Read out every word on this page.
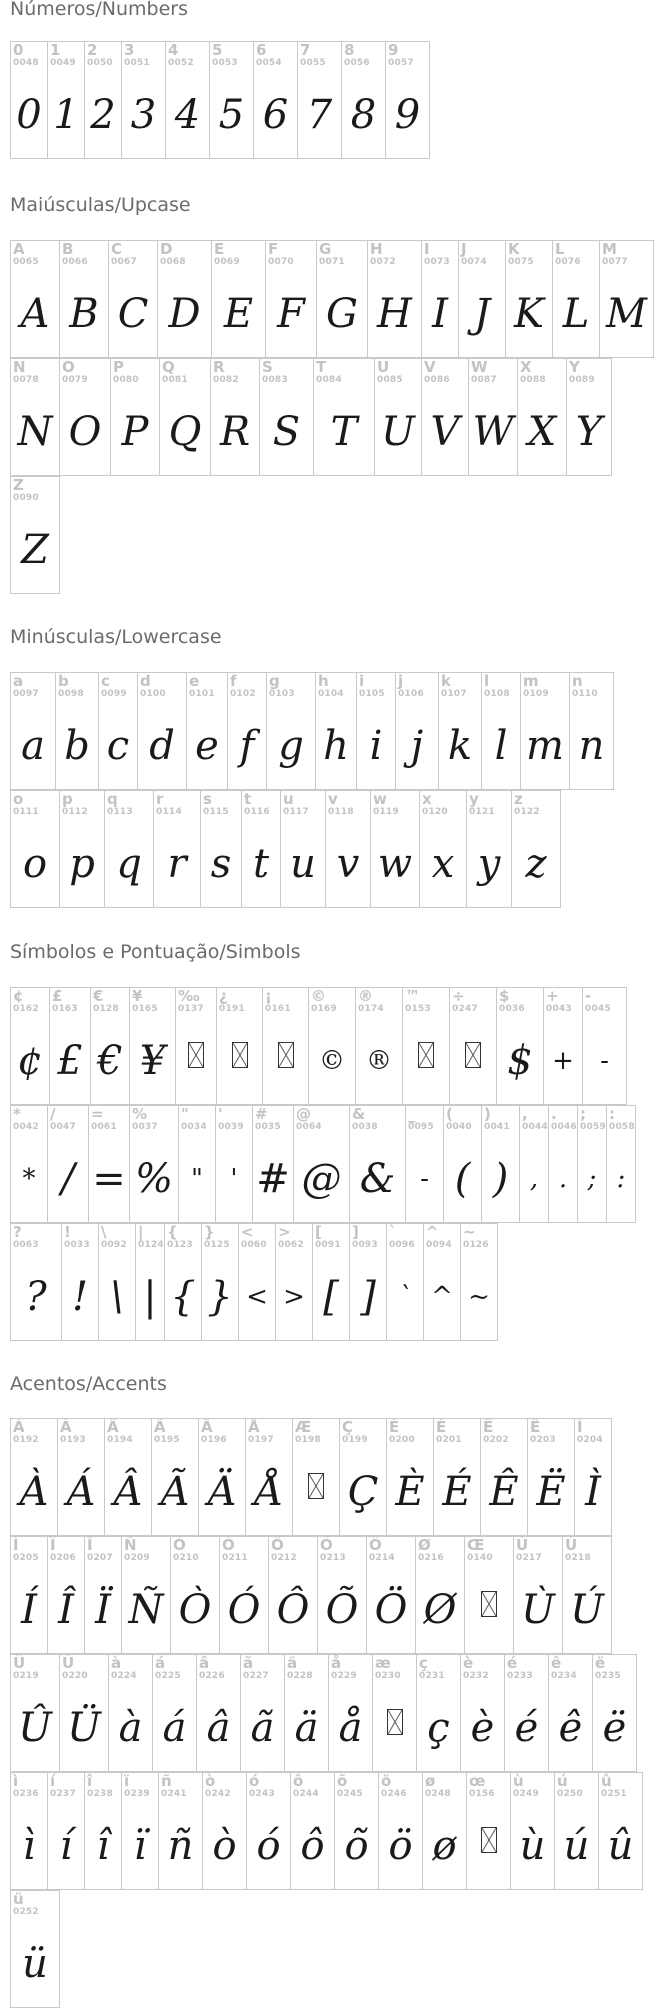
Números/Numbers
0
0048
0
1
0049
1
2
0050
2
3
0051
3
4
0052
4
5
0053
5
6
0054
6
7
0055
7
8
0056
8
9
0057
9
Maiúsculas/Upcase
A
0065
A
B
0066
B
C
0067
C
D
0068
D
E
0069
E
F
0070
F
G
0071
G
H
0072
H
I
0073
I
J
0074
J
K
0075
K
L
0076
L
M
0077
M
N
0078
N
O
0079
O
P
0080
P
Q
0081
Q
R
0082
R
S
0083
S
T
0084
T
U
0085
U
V
0086
V
W
0087
W
X
0088
X
Y
0089
Y
Z
0090
Z
Minúsculas/Lowercase
a
0097
a
b
0098
b
c
0099
c
d
0100
d
e
0101
e
f
0102
f
g
0103
g
h
0104
h
i
0105
i
j
0106
j
k
0107
k
l
0108
l
m
0109
m
n
0110
n
o
0111
o
p
0112
p
q
0113
q
r
0114
r
s
0115
s
t
0116
t
u
0117
u
v
0118
v
w
0119
w
x
0120
x
y
0121
y
z
0122
z
Símbolos e Pontuação/Simbols
¢
0162
¢
£
0163
£
€
0128
€
¥
0165
¥
‰
0137
¿
0191
¡
0161
©
0169
©
®
0174
®
™
0153
÷
0247
$
0036
$
+
0043
+
-
0045
-
*
0042
*
/
0047
/
=
0061
=
%
0037
%
"
0034
"
'
0039
'
#
0035
#
@
0064
@
&
0038
&
_
0095
-
(
0040
(
)
0041
)
,
0044
,
.
0046
.
;
0059
;
:
0058
:
?
0063
?
!
0033
!
\
0092
\
|
0124
|
{
0123
{
}
0125
}
<
0060
<
>
0062
>
[
0091
[
]
0093
]
`
0096
`
^
0094
^
~
0126
~
Acentos/Accents
À
0192
À
Á
0193
Á
Â
0194
Â
Ã
0195
Ã
Ä
0196
Ä
Å
0197
Å
Æ
0198
Ç
0199
Ç
È
0200
È
É
0201
É
Ê
0202
Ê
Ë
0203
Ë
Ì
0204
Ì
Í
0205
Í
Î
0206
Î
Ï
0207
Ï
Ñ
0209
Ñ
Ò
0210
Ò
Ó
0211
Ó
Ô
0212
Ô
Õ
0213
Õ
Ö
0214
Ö
Ø
0216
Ø
Œ
0140
Ù
0217
Ù
Ú
0218
Ú
Û
0219
Û
Ü
0220
Ü
à
0224
à
á
0225
á
â
0226
â
ã
0227
ã
ä
0228
ä
å
0229
å
æ
0230
ç
0231
ç
è
0232
è
é
0233
é
ê
0234
ê
ë
0235
ë
ì
0236
ì
í
0237
í
î
0238
î
ï
0239
ï
ñ
0241
ñ
ò
0242
ò
ó
0243
ó
ô
0244
ô
õ
0245
õ
ö
0246
ö
ø
0248
ø
œ
0156
ù
0249
ù
ú
0250
ú
û
0251
û
ü
0252
ü
